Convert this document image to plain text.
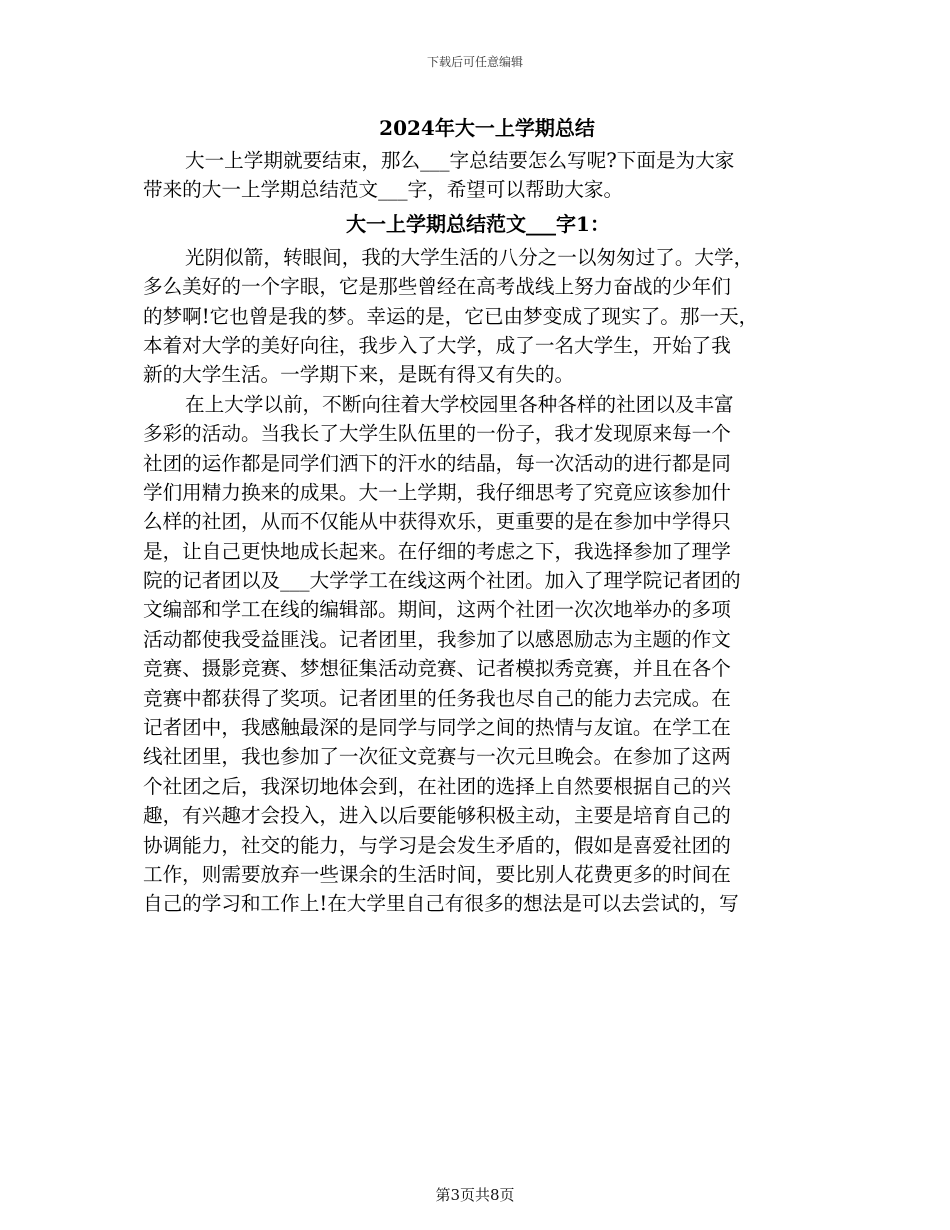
下载后可任意编辑
2024年大一上学期总结

大一上学期就要结束，那么___字总结要怎么写呢?下面是为大家
带来的大一上学期总结范文___字，希望可以帮助大家。

大一上学期总结范文___字1：

光阴似箭，转眼间，我的大学生活的八分之一以匆匆过了。大学，
多么美好的一个字眼，它是那些曾经在高考战线上努力奋战的少年们
的梦啊!它也曾是我的梦。幸运的是，它已由梦变成了现实了。那一天，
本着对大学的美好向往，我步入了大学，成了一名大学生，开始了我
新的大学生活。一学期下来，是既有得又有失的。

在上大学以前，不断向往着大学校园里各种各样的社团以及丰富
多彩的活动。当我长了大学生队伍里的一份子，我才发现原来每一个
社团的运作都是同学们洒下的汗水的结晶，每一次活动的进行都是同
学们用精力换来的成果。大一上学期，我仔细思考了究竟应该参加什
么样的社团，从而不仅能从中获得欢乐，更重要的是在参加中学得只
是，让自己更快地成长起来。在仔细的考虑之下，我选择参加了理学
院的记者团以及___大学学工在线这两个社团。加入了理学院记者团的
文编部和学工在线的编辑部。期间，这两个社团一次次地举办的多项
活动都使我受益匪浅。记者团里，我参加了以感恩励志为主题的作文
竞赛、摄影竞赛、梦想征集活动竞赛、记者模拟秀竞赛，并且在各个
竞赛中都获得了奖项。记者团里的任务我也尽自己的能力去完成。在
记者团中，我感触最深的是同学与同学之间的热情与友谊。在学工在
线社团里，我也参加了一次征文竞赛与一次元旦晚会。在参加了这两
个社团之后，我深切地体会到，在社团的选择上自然要根据自己的兴
趣，有兴趣才会投入，进入以后要能够积极主动，主要是培育自己的
协调能力，社交的能力，与学习是会发生矛盾的，假如是喜爱社团的
工作，则需要放弃一些课余的生活时间，要比别人花费更多的时间在
自己的学习和工作上!在大学里自己有很多的想法是可以去尝试的，写

第3页共8页
